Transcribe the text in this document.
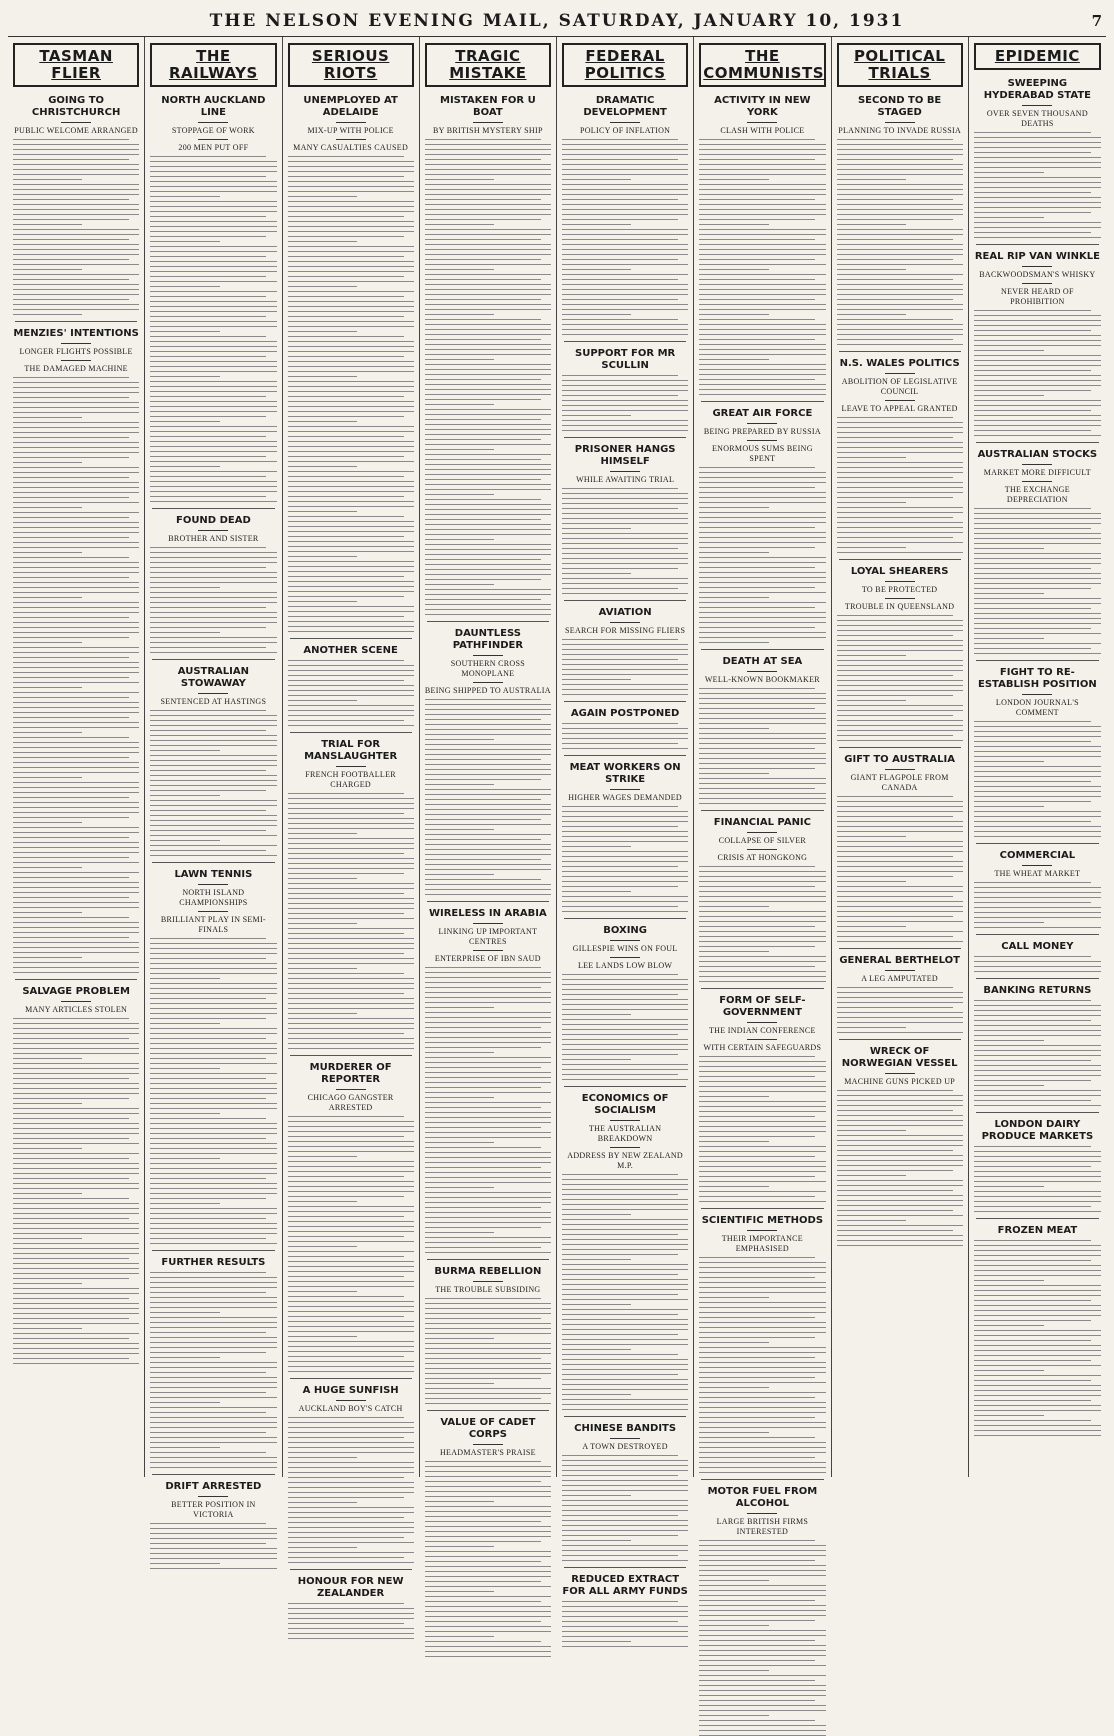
THE NELSON EVENING MAIL, SATURDAY, JANUARY 10, 1931	7
TASMAN FLIER
GOING TO CHRISTCHURCH
PUBLIC WELCOME ARRANGED
MENZIES' INTENTIONS
LONGER FLIGHTS POSSIBLE
THE DAMAGED MACHINE
SALVAGE PROBLEM
MANY ARTICLES STOLEN
THE RAILWAYS
NORTH AUCKLAND LINE
STOPPAGE OF WORK
200 MEN PUT OFF
FOUND DEAD
BROTHER AND SISTER
AUSTRALIAN STOWAWAY
SENTENCED AT HASTINGS
LAWN TENNIS
NORTH ISLAND CHAMPIONSHIPS
BRILLIANT PLAY IN SEMI-FINALS
FURTHER RESULTS
DRIFT ARRESTED
BETTER POSITION IN VICTORIA
SERIOUS RIOTS
UNEMPLOYED AT ADELAIDE
MIX-UP WITH POLICE
MANY CASUALTIES CAUSED
ANOTHER SCENE
TRIAL FOR MANSLAUGHTER
FRENCH FOOTBALLER CHARGED
MURDERER OF REPORTER
CHICAGO GANGSTER ARRESTED
A HUGE SUNFISH
AUCKLAND BOY'S CATCH
HONOUR FOR NEW ZEALANDER
TRAGIC MISTAKE
MISTAKEN FOR U BOAT
BY BRITISH MYSTERY SHIP
DAUNTLESS PATHFINDER
SOUTHERN CROSS MONOPLANE
BEING SHIPPED TO AUSTRALIA
WIRELESS IN ARABIA
LINKING UP IMPORTANT CENTRES
ENTERPRISE OF IBN SAUD
BURMA REBELLION
THE TROUBLE SUBSIDING
VALUE OF CADET CORPS
HEADMASTER'S PRAISE
FEDERAL POLITICS
DRAMATIC DEVELOPMENT
POLICY OF INFLATION
SUPPORT FOR MR SCULLIN
PRISONER HANGS HIMSELF
WHILE AWAITING TRIAL
AVIATION
SEARCH FOR MISSING FLIERS
AGAIN POSTPONED
MEAT WORKERS ON STRIKE
HIGHER WAGES DEMANDED
BOXING
GILLESPIE WINS ON FOUL
LEE LANDS LOW BLOW
ECONOMICS OF SOCIALISM
THE AUSTRALIAN BREAKDOWN
ADDRESS BY NEW ZEALAND M.P.
CHINESE BANDITS
A TOWN DESTROYED
REDUCED EXTRACT FOR ALL ARMY FUNDS
THE COMMUNISTS
ACTIVITY IN NEW YORK
CLASH WITH POLICE
GREAT AIR FORCE
BEING PREPARED BY RUSSIA
ENORMOUS SUMS BEING SPENT
DEATH AT SEA
WELL-KNOWN BOOKMAKER
FINANCIAL PANIC
COLLAPSE OF SILVER
CRISIS AT HONGKONG
FORM OF SELF-GOVERNMENT
THE INDIAN CONFERENCE
WITH CERTAIN SAFEGUARDS
SCIENTIFIC METHODS
THEIR IMPORTANCE EMPHASISED
MOTOR FUEL FROM ALCOHOL
LARGE BRITISH FIRMS INTERESTED
POLITICAL TRIALS
SECOND TO BE STAGED
PLANNING TO INVADE RUSSIA
N.S. WALES POLITICS
ABOLITION OF LEGISLATIVE COUNCIL
LEAVE TO APPEAL GRANTED
LOYAL SHEARERS
TO BE PROTECTED
TROUBLE IN QUEENSLAND
GIFT TO AUSTRALIA
GIANT FLAGPOLE FROM CANADA
GENERAL BERTHELOT
A LEG AMPUTATED
WRECK OF NORWEGIAN VESSEL
MACHINE GUNS PICKED UP
EPIDEMIC
SWEEPING HYDERABAD STATE
OVER SEVEN THOUSAND DEATHS
REAL RIP VAN WINKLE
BACKWOODSMAN'S WHISKY
NEVER HEARD OF PROHIBITION
AUSTRALIAN STOCKS
MARKET MORE DIFFICULT
THE EXCHANGE DEPRECIATION
FIGHT TO RE-ESTABLISH POSITION
LONDON JOURNAL'S COMMENT
COMMERCIAL
THE WHEAT MARKET
CALL MONEY
BANKING RETURNS
LONDON DAIRY PRODUCE MARKETS
FROZEN MEAT
